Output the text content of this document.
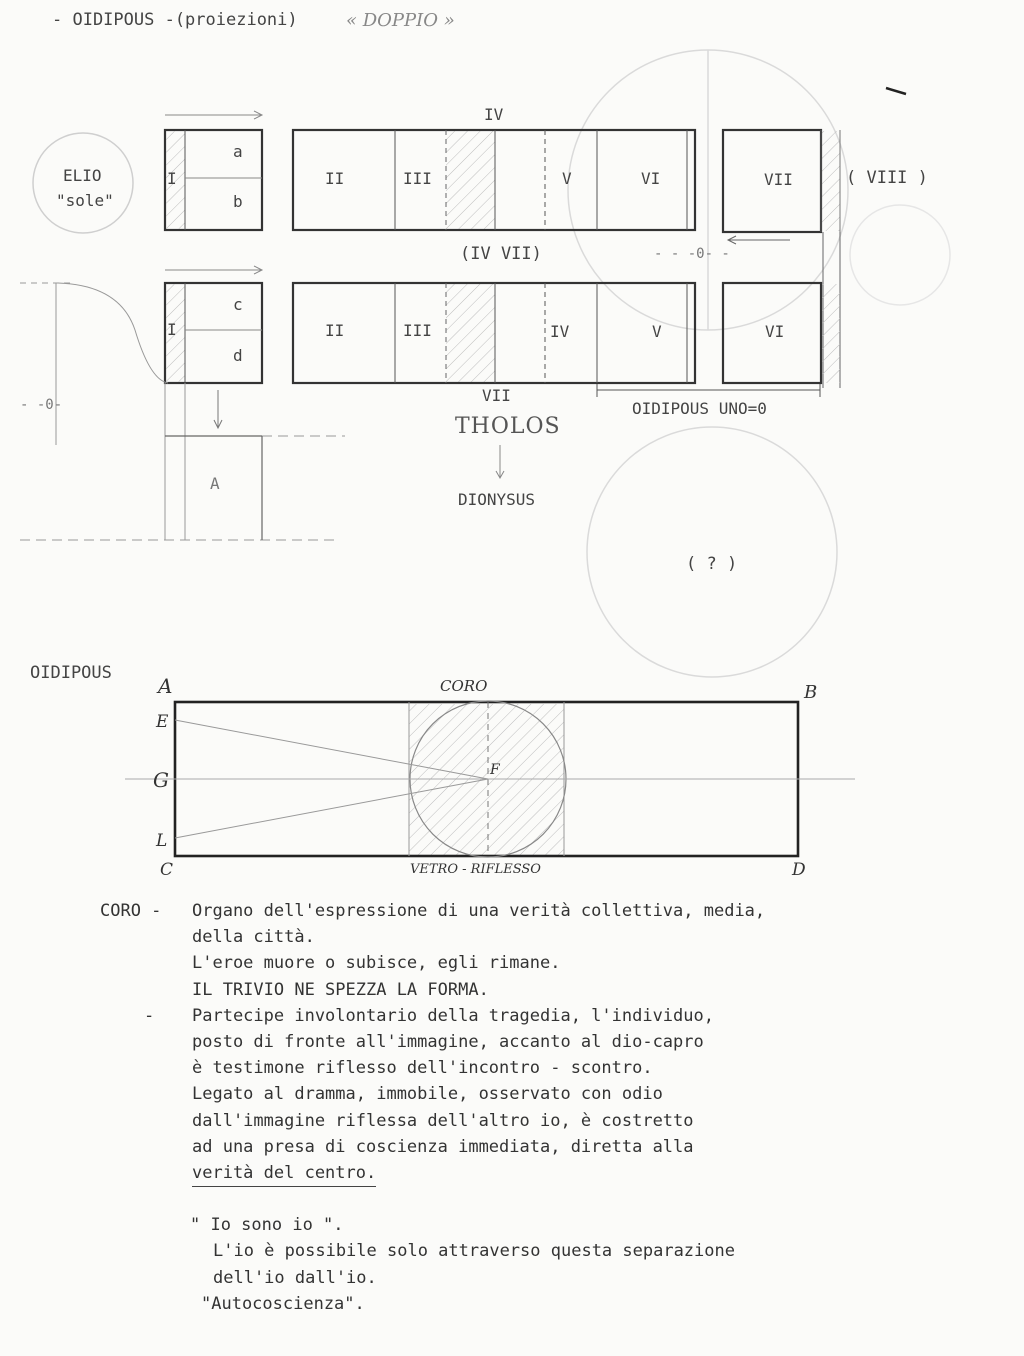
- OIDIPOUS -(proiezioni)	« DOPPIO »
ELIO
"sole"
I
a
b
IV
II	III	V	VI	VII	( VIII )
(IV VII)	- - -0- -
I
c
d
II	III	IV	V	VI
VII
- -0-
A
OIDIPOUS UNO=0
THOLOS
DIONYSUS
( ? )
OIDIPOUS
CORO
VETRO - RIFLESSO
A	B
E
G
L
C	D
F
CORO - Organo dell'espressione di una verità collettiva, media,
della città.
L'eroe muore o subisce, egli rimane.
IL TRIVIO NE SPEZZA LA FORMA.
- Partecipe involontario della tragedia, l'individuo,
posto di fronte all'immagine, accanto al dio-capro
è testimone riflesso dell'incontro - scontro.
Legato al dramma, immobile, osservato con odio
dall'immagine riflessa dell'altro io, è costretto
ad una presa di coscienza immediata, diretta alla
verità del centro.
" Io sono io ".
L'io è possibile solo attraverso questa separazione
dell'io dall'io.
"Autocoscienza".
